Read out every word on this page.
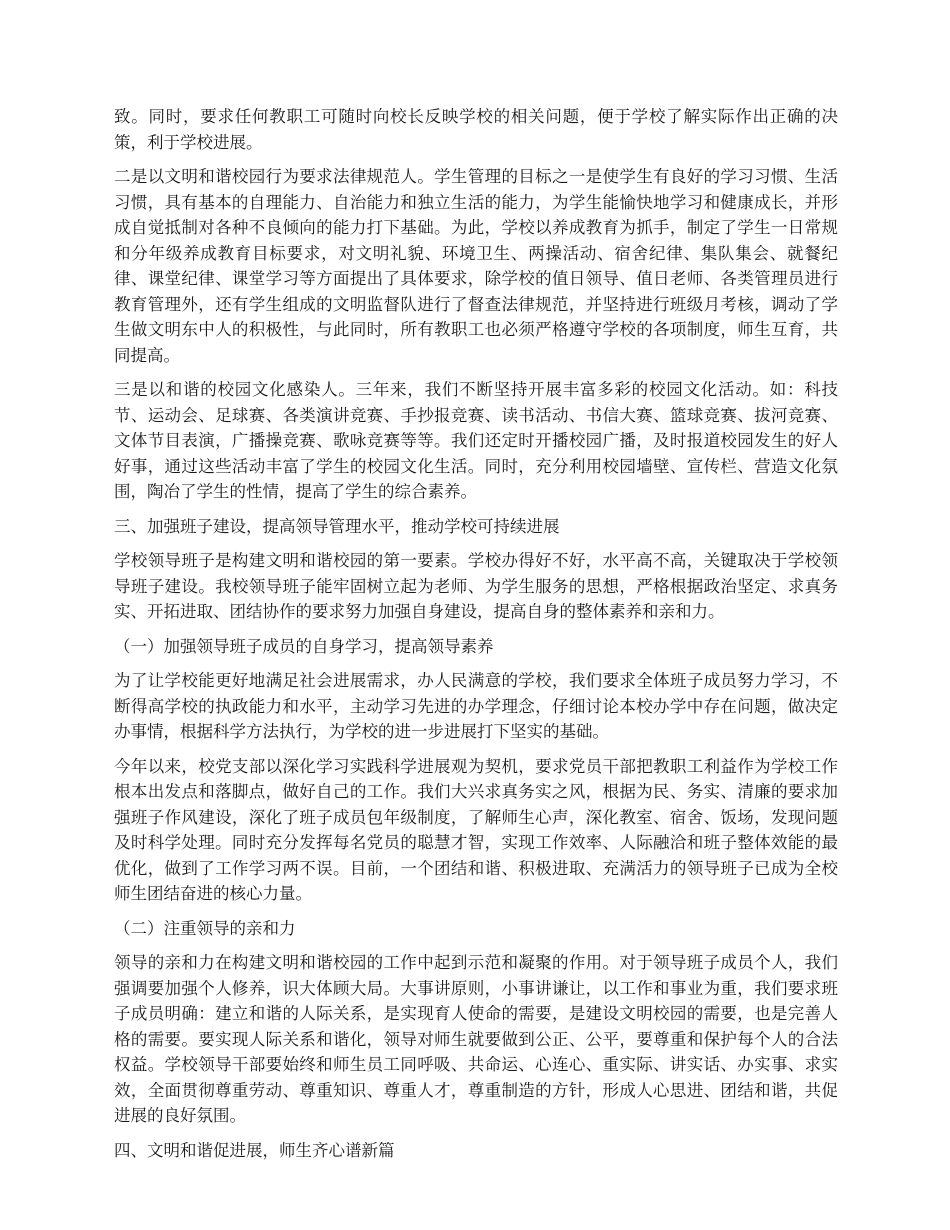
致。同时，要求任何教职工可随时向校长反映学校的相关问题，便于学校了解实际作出正确的决策，利于学校进展。

二是以文明和谐校园行为要求法律规范人。学生管理的目标之一是使学生有良好的学习习惯、生活习惯，具有基本的自理能力、自治能力和独立生活的能力，为学生能愉快地学习和健康成长，并形成自觉抵制对各种不良倾向的能力打下基础。为此，学校以养成教育为抓手，制定了学生一日常规和分年级养成教育目标要求，对文明礼貌、环境卫生、两操活动、宿舍纪律、集队集会、就餐纪律、课堂纪律、课堂学习等方面提出了具体要求，除学校的值日领导、值日老师、各类管理员进行教育管理外，还有学生组成的文明监督队进行了督查法律规范，并坚持进行班级月考核，调动了学生做文明东中人的积极性，与此同时，所有教职工也必须严格遵守学校的各项制度，师生互育，共同提高。

三是以和谐的校园文化感染人。三年来，我们不断坚持开展丰富多彩的校园文化活动。如：科技节、运动会、足球赛、各类演讲竞赛、手抄报竞赛、读书活动、书信大赛、篮球竞赛、拔河竞赛、文体节目表演，广播操竞赛、歌咏竞赛等等。我们还定时开播校园广播，及时报道校园发生的好人好事，通过这些活动丰富了学生的校园文化生活。同时，充分利用校园墙壁、宣传栏、营造文化氛围，陶冶了学生的性情，提高了学生的综合素养。

三、加强班子建设，提高领导管理水平，推动学校可持续进展

学校领导班子是构建文明和谐校园的第一要素。学校办得好不好，水平高不高，关键取决于学校领导班子建设。我校领导班子能牢固树立起为老师、为学生服务的思想，严格根据政治坚定、求真务实、开拓进取、团结协作的要求努力加强自身建设，提高自身的整体素养和亲和力。

（一）加强领导班子成员的自身学习，提高领导素养

为了让学校能更好地满足社会进展需求，办人民满意的学校，我们要求全体班子成员努力学习，不断得高学校的执政能力和水平，主动学习先进的办学理念，仔细讨论本校办学中存在问题，做决定办事情，根据科学方法执行，为学校的进一步进展打下坚实的基础。

今年以来，校党支部以深化学习实践科学进展观为契机，要求党员干部把教职工利益作为学校工作根本出发点和落脚点，做好自己的工作。我们大兴求真务实之风，根据为民、务实、清廉的要求加强班子作风建设，深化了班子成员包年级制度，了解师生心声，深化教室、宿舍、饭场，发现问题及时科学处理。同时充分发挥每名党员的聪慧才智，实现工作效率、人际融洽和班子整体效能的最优化，做到了工作学习两不误。目前，一个团结和谐、积极进取、充满活力的领导班子已成为全校师生团结奋进的核心力量。

（二）注重领导的亲和力

领导的亲和力在构建文明和谐校园的工作中起到示范和凝聚的作用。对于领导班子成员个人，我们强调要加强个人修养，识大体顾大局。大事讲原则，小事讲谦让，以工作和事业为重，我们要求班子成员明确：建立和谐的人际关系，是实现育人使命的需要，是建设文明校园的需要，也是完善人格的需要。要实现人际关系和谐化，领导对师生就要做到公正、公平，要尊重和保护每个人的合法权益。学校领导干部要始终和师生员工同呼吸、共命运、心连心、重实际、讲实话、办实事、求实效，全面贯彻尊重劳动、尊重知识、尊重人才，尊重制造的方针，形成人心思进、团结和谐，共促进展的良好氛围。

四、文明和谐促进展，师生齐心谱新篇
